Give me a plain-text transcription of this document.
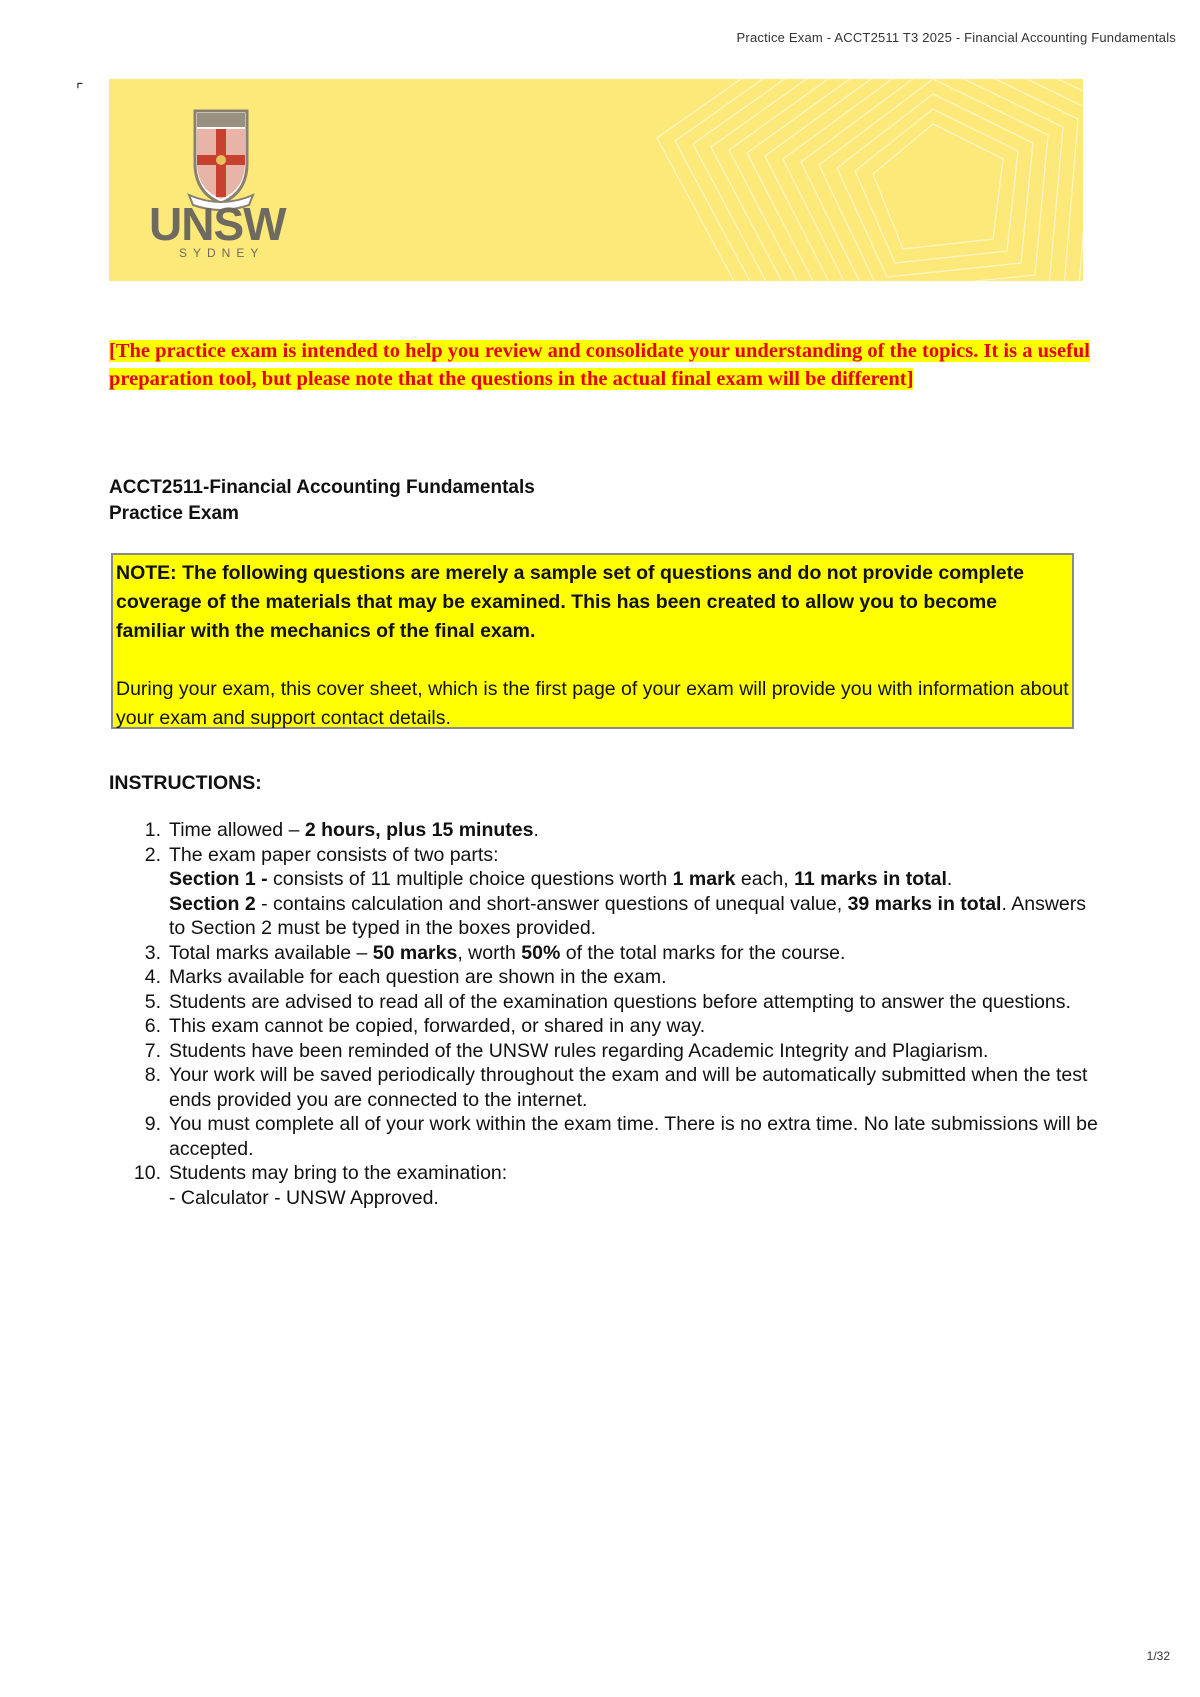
Practice Exam - ACCT2511 T3 2025 - Financial Accounting Fundamentals
⌜
UNSW
SYDNEY
[The practice exam is intended to help you review and consolidate your understanding of the topics. It is a useful preparation tool, but please note that the questions in the actual final exam will be different]
ACCT2511-Financial Accounting Fundamentals
Practice Exam

NOTE: The following questions are merely a sample set of questions and do not provide complete coverage of the materials that may be examined. This has been created to allow you to become familiar with the mechanics of the final exam.

During your exam, this cover sheet, which is the first page of your exam will provide you with information about your exam and support contact details.

INSTRUCTIONS:
1. Time allowed – 2 hours, plus 15 minutes.
2. The exam paper consists of two parts:
Section 1 - consists of 11 multiple choice questions worth 1 mark each, 11 marks in total.
Section 2 - contains calculation and short-answer questions of unequal value, 39 marks in total. Answers to Section 2 must be typed in the boxes provided.
3. Total marks available – 50 marks, worth 50% of the total marks for the course.
4. Marks available for each question are shown in the exam.
5. Students are advised to read all of the examination questions before attempting to answer the questions.
6. This exam cannot be copied, forwarded, or shared in any way.
7. Students have been reminded of the UNSW rules regarding Academic Integrity and Plagiarism.
8. Your work will be saved periodically throughout the exam and will be automatically submitted when the test ends provided you are connected to the internet.
9. You must complete all of your work within the exam time. There is no extra time. No late submissions will be accepted.
10. Students may bring to the examination:
- Calculator - UNSW Approved.
1/32
